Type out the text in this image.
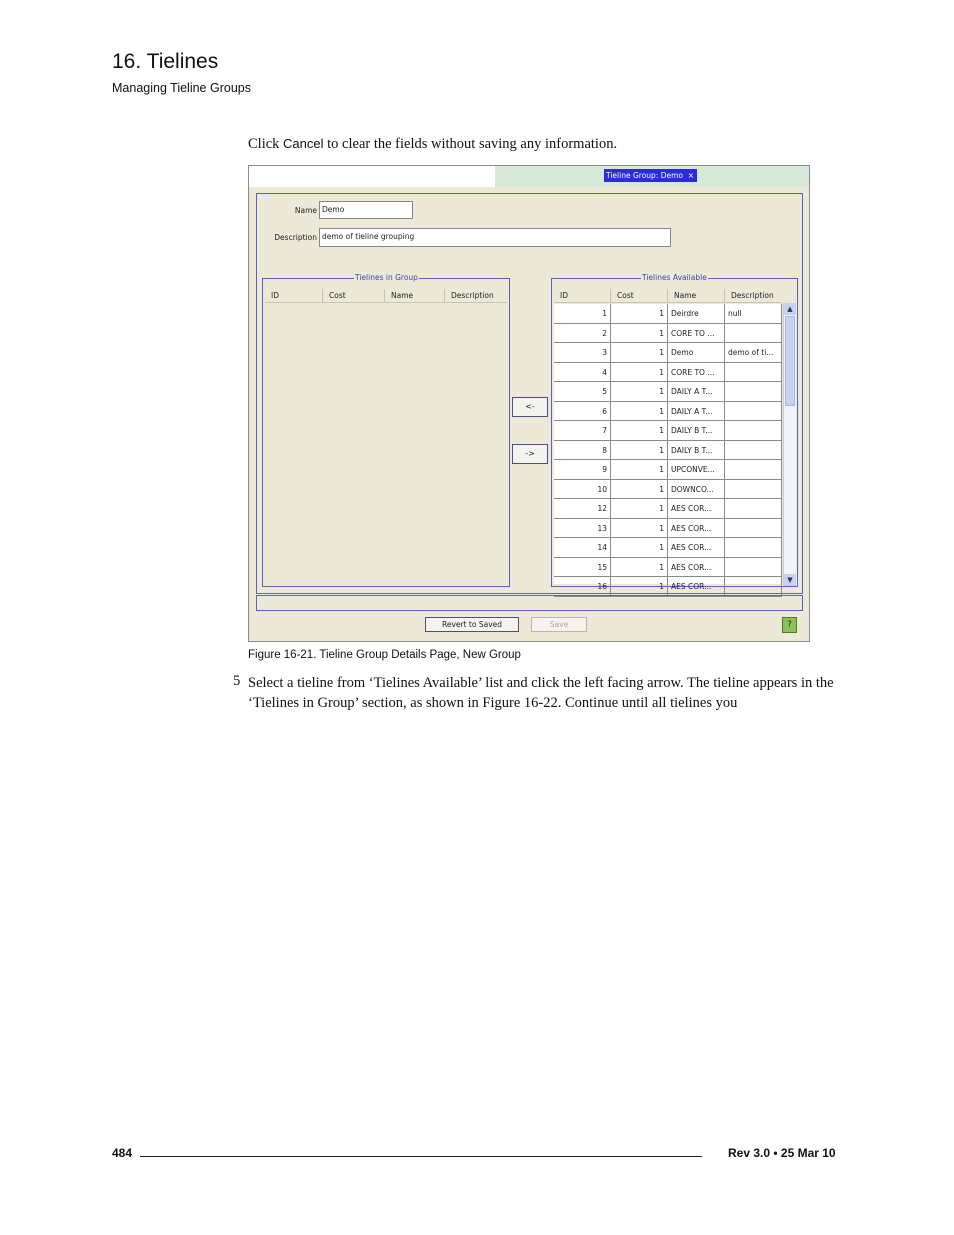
16. Tielines
Managing Tieline Groups
Click Cancel to clear the fields without saving any information.
Tieline Group: Demo ×
Name Demo
Description demo of tieline grouping
Tielines in Group
ID	Cost	Name	Description
<-
->
Tielines Available
ID	Cost	Name	Description
1	1 Deirdre	null
2	1 CORE TO ...
3	1 Demo	demo of ti...
4	1 CORE TO ...
5	1 DAILY A T...
6	1 DAILY A T...
7	1 DAILY B T...
8	1 DAILY B T...
9	1 UPCONVE...
10	1 DOWNCO...
12	1 AES COR...
13	1 AES COR...
14	1 AES COR...
15	1 AES COR...
16	1 AES COR...
▲
▼
Revert to Saved	Save	?
Figure 16-21. Tieline Group Details Page, New Group
5 Select a tieline from ‘Tielines Available’ list and click the left facing arrow. The tieline appears in the ‘Tielines in Group’ section, as shown in Figure 16-22. Continue until all tielines you
484	Rev 3.0 • 25 Mar 10
